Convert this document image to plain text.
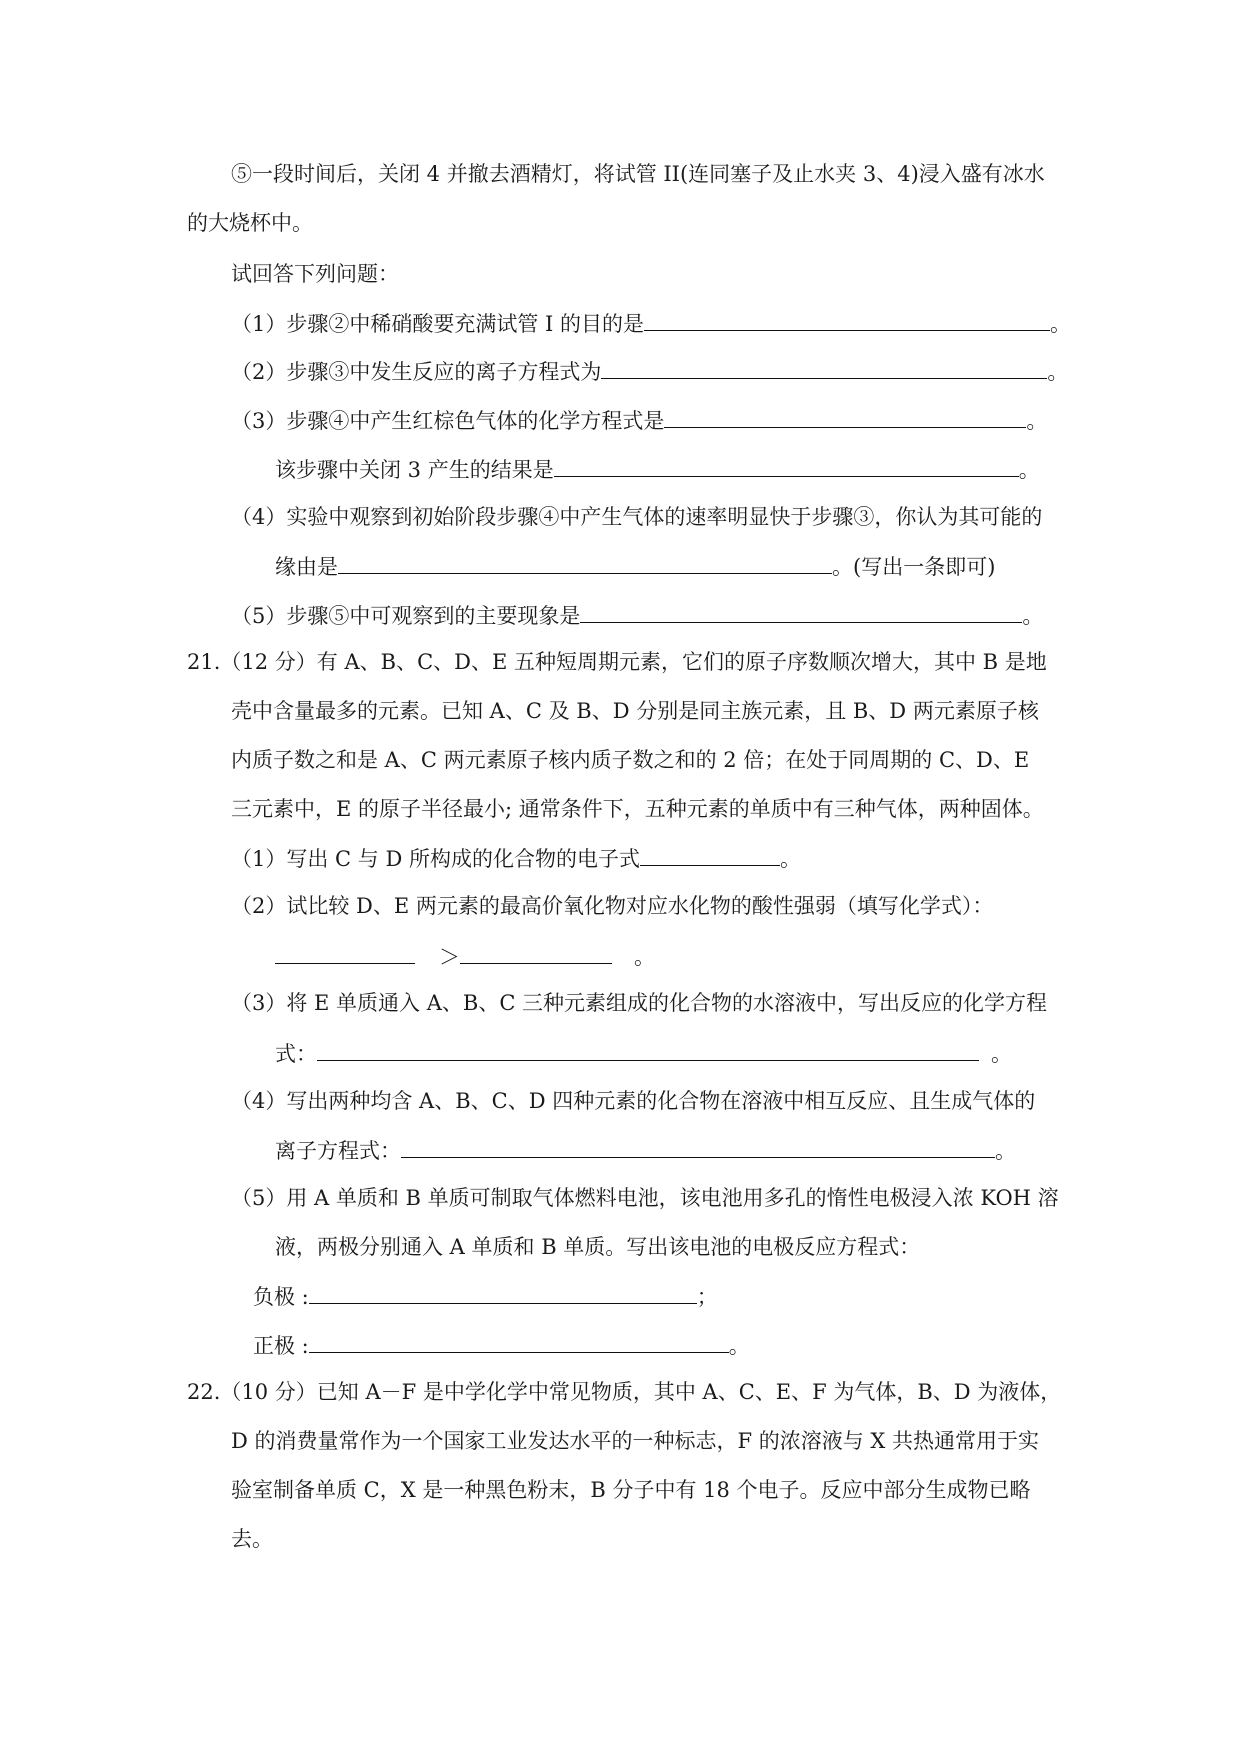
⑤一段时间后，关闭 4 并撤去酒精灯，将试管 II(连同塞子及止水夹 3、4)浸入盛有冰水
的大烧杯中。
试回答下列问题：
（1）步骤②中稀硝酸要充满试管 I 的目的是	。
（2）步骤③中发生反应的离子方程式为	。
（3）步骤④中产生红棕色气体的化学方程式是	。
该步骤中关闭 3 产生的结果是	。
（4）实验中观察到初始阶段步骤④中产生气体的速率明显快于步骤③，你认为其可能的
缘由是	。(写出一条即可)
（5）步骤⑤中可观察到的主要现象是	。
21.（12 分）有 A、B、C、D、E 五种短周期元素，它们的原子序数顺次增大，其中 B 是地
壳中含量最多的元素。已知 A、C 及 B、D 分别是同主族元素，且 B、D 两元素原子核
内质子数之和是 A、C 两元素原子核内质子数之和的 2 倍；在处于同周期的 C、D、E
三元素中，E 的原子半径最小; 通常条件下，五种元素的单质中有三种气体，两种固体。
（1）写出 C 与 D 所构成的化合物的电子式	。
（2）试比较 D、E 两元素的最高价氧化物对应水化物的酸性强弱（填写化学式）：
＞	。
（3）将 E 单质通入 A、B、C 三种元素组成的化合物的水溶液中，写出反应的化学方程
式：	。
（4）写出两种均含 A、B、C、D 四种元素的化合物在溶液中相互反应、且生成气体的
离子方程式：	。
（5）用 A 单质和 B 单质可制取气体燃料电池，该电池用多孔的惰性电极浸入浓 KOH 溶
液，两极分别通入 A 单质和 B 单质。写出该电池的电极反应方程式：
负极 :	；
正极 :	。
22.（10 分）已知 A－F 是中学化学中常见物质，其中 A、C、E、F 为气体，B、D 为液体，
D 的消费量常作为一个国家工业发达水平的一种标志，F 的浓溶液与 X 共热通常用于实
验室制备单质 C，X 是一种黑色粉末，B 分子中有 18 个电子。反应中部分生成物已略
去。
